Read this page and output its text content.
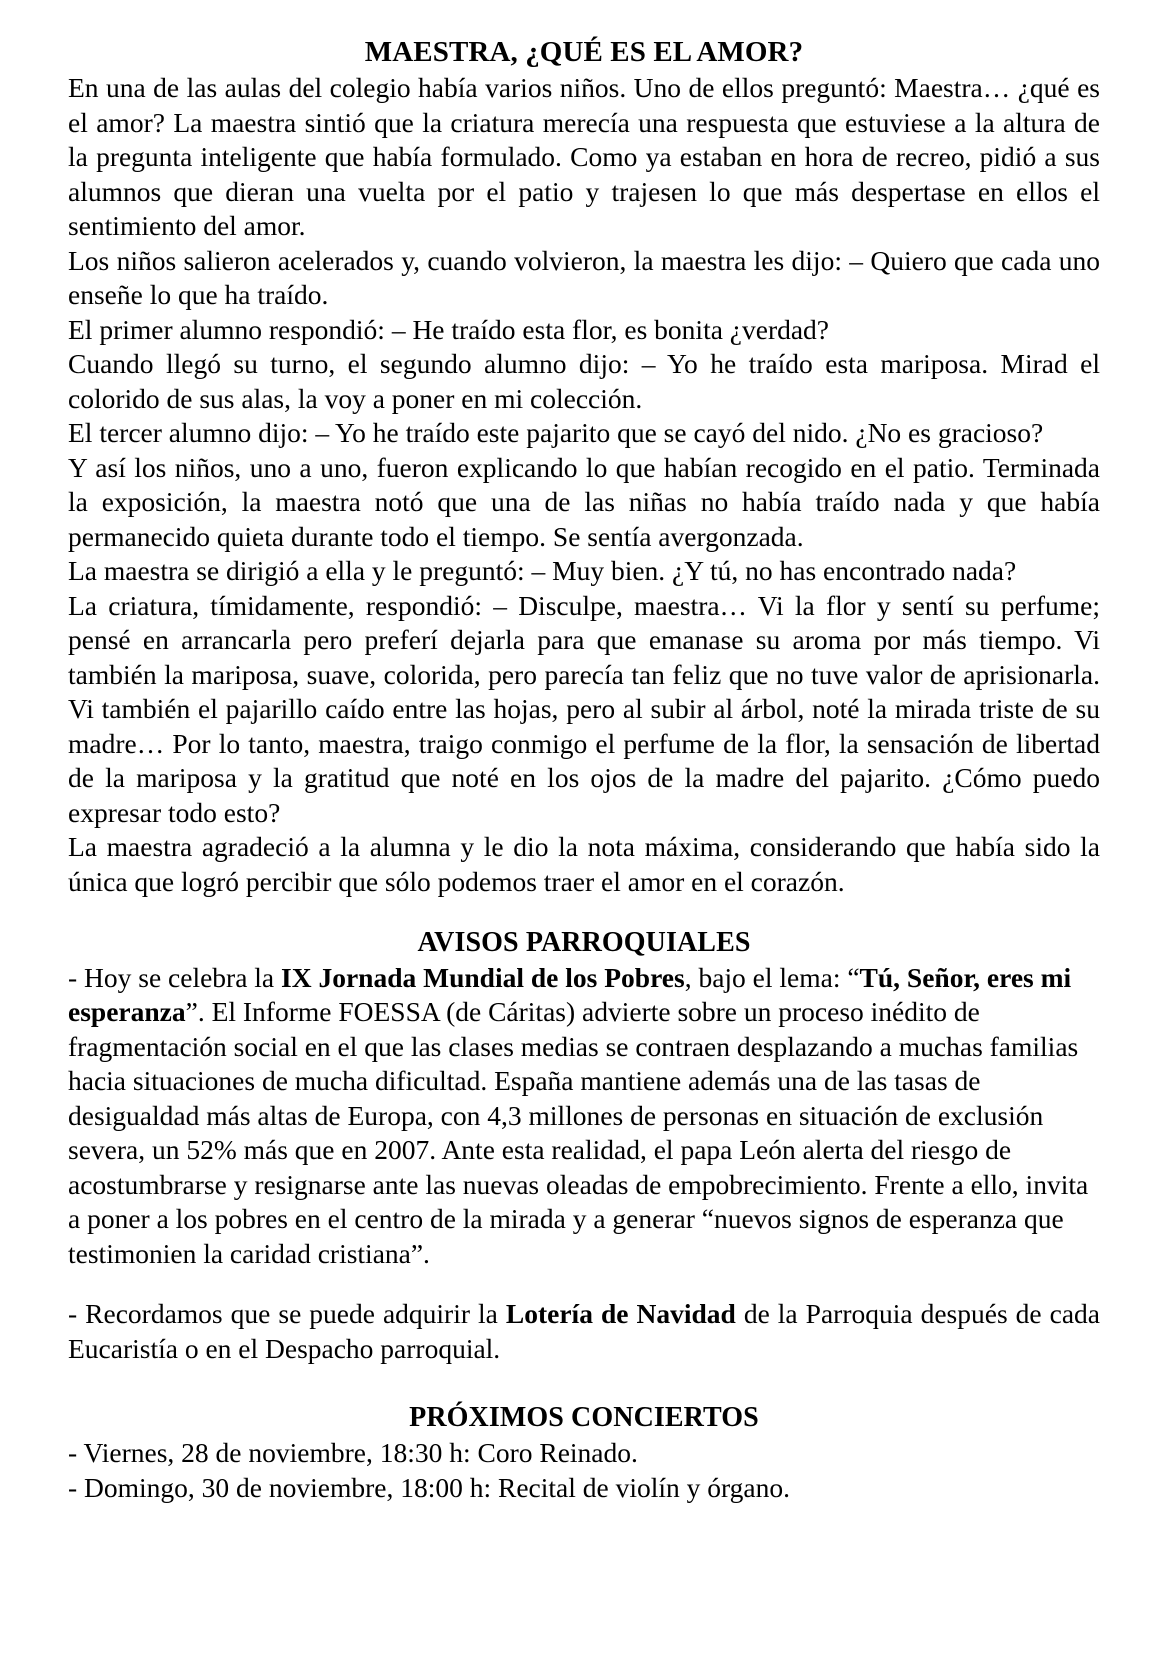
MAESTRA, ¿QUÉ ES EL AMOR?

En una de las aulas del colegio había varios niños. Uno de ellos preguntó: Maestra… ¿qué es el amor? La maestra sintió que la criatura merecía una respuesta que estuviese a la altura de la pregunta inteligente que había formulado. Como ya estaban en hora de recreo, pidió a sus alumnos que dieran una vuelta por el patio y trajesen lo que más despertase en ellos el sentimiento del amor.

Los niños salieron acelerados y, cuando volvieron, la maestra les dijo: – Quiero que cada uno enseñe lo que ha traído.

El primer alumno respondió: – He traído esta flor, es bonita ¿verdad?

Cuando llegó su turno, el segundo alumno dijo: – Yo he traído esta mariposa. Mirad el colorido de sus alas, la voy a poner en mi colección.

El tercer alumno dijo: – Yo he traído este pajarito que se cayó del nido. ¿No es gracioso?

Y así los niños, uno a uno, fueron explicando lo que habían recogido en el patio. Terminada la exposición, la maestra notó que una de las niñas no había traído nada y que había permanecido quieta durante todo el tiempo. Se sentía avergonzada.

La maestra se dirigió a ella y le preguntó: – Muy bien. ¿Y tú, no has encontrado nada?

La criatura, tímidamente, respondió: – Disculpe, maestra… Vi la flor y sentí su perfume; pensé en arrancarla pero preferí dejarla para que emanase su aroma por más tiempo. Vi también la mariposa, suave, colorida, pero parecía tan feliz que no tuve valor de aprisionarla. Vi también el pajarillo caído entre las hojas, pero al subir al árbol, noté la mirada triste de su madre… Por lo tanto, maestra, traigo conmigo el perfume de la flor, la sensación de libertad de la mariposa y la gratitud que noté en los ojos de la madre del pajarito. ¿Cómo puedo expresar todo esto?

La maestra agradeció a la alumna y le dio la nota máxima, considerando que había sido la única que logró percibir que sólo podemos traer el amor en el corazón.

AVISOS PARROQUIALES

- Hoy se celebra la IX Jornada Mundial de los Pobres, bajo el lema: “Tú, Señor, eres mi esperanza”. El Informe FOESSA (de Cáritas) advierte sobre un proceso inédito de fragmentación social en el que las clases medias se contraen desplazando a muchas familias hacia situaciones de mucha dificultad. España mantiene además una de las tasas de desigualdad más altas de Europa, con 4,3 millones de personas en situación de exclusión severa, un 52% más que en 2007. Ante esta realidad, el papa León alerta del riesgo de acostumbrarse y resignarse ante las nuevas oleadas de empobrecimiento. Frente a ello, invita a poner a los pobres en el centro de la mirada y a generar “nuevos signos de esperanza que testimonien la caridad cristiana”.

- Recordamos que se puede adquirir la Lotería de Navidad de la Parroquia después de cada Eucaristía o en el Despacho parroquial.

PRÓXIMOS CONCIERTOS

- Viernes, 28 de noviembre, 18:30 h: Coro Reinado.

- Domingo, 30 de noviembre, 18:00 h: Recital de violín y órgano.
